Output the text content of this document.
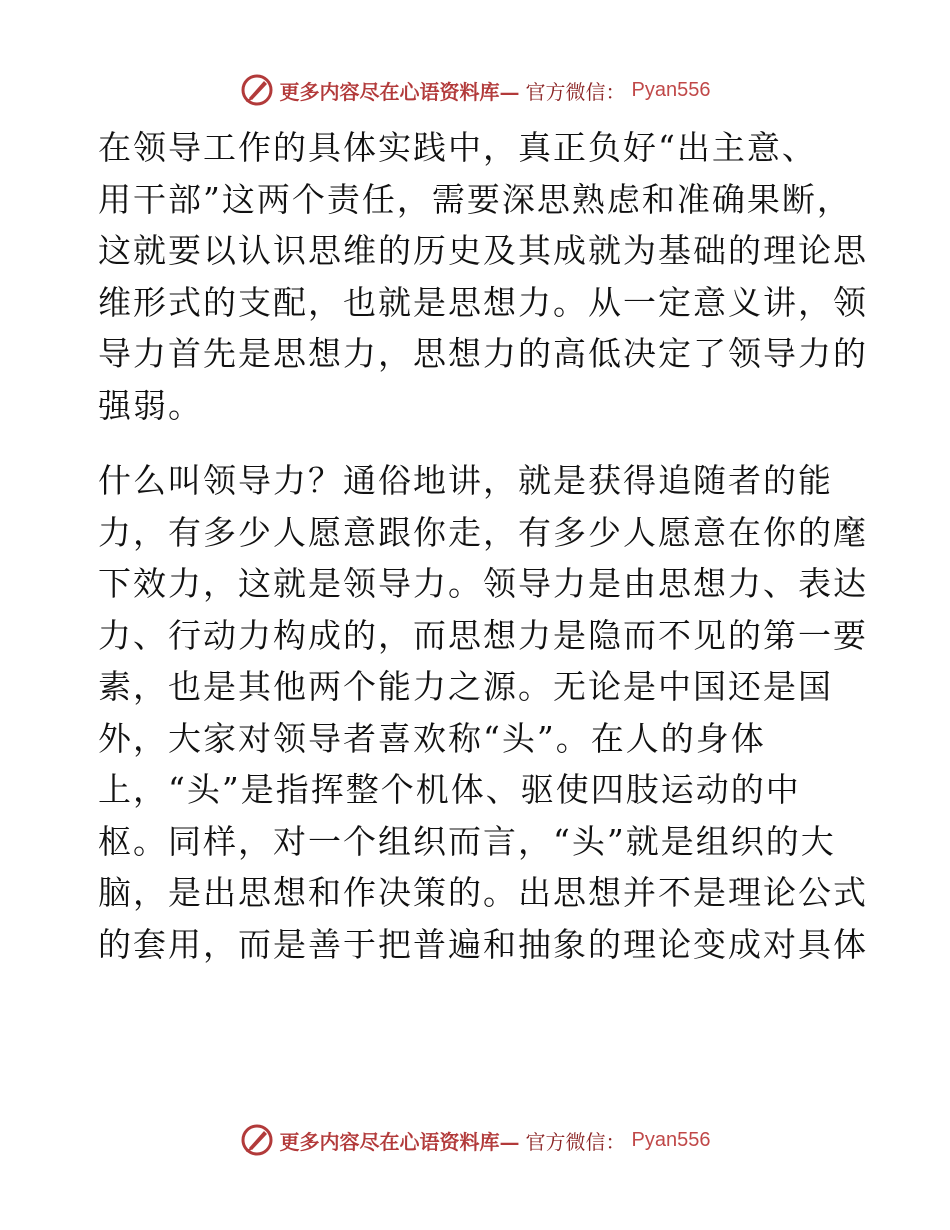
更多内容尽在心语资料库— 官方微信： Pyan556
在领导工作的具体实践中，真正负好“出主意、
用干部”这两个责任，需要深思熟虑和准确果断，
这就要以认识思维的历史及其成就为基础的理论思
维形式的支配，也就是思想力。从一定意义讲，领
导力首先是思想力，思想力的高低决定了领导力的
强弱。
什么叫领导力？通俗地讲，就是获得追随者的能
力，有多少人愿意跟你走，有多少人愿意在你的麾
下效力，这就是领导力。领导力是由思想力、表达
力、行动力构成的，而思想力是隐而不见的第一要
素，也是其他两个能力之源。无论是中国还是国
外，大家对领导者喜欢称“头”。在人的身体
上，“头”是指挥整个机体、驱使四肢运动的中
枢。同样，对一个组织而言，“头”就是组织的大
脑，是出思想和作决策的。出思想并不是理论公式
的套用，而是善于把普遍和抽象的理论变成对具体
更多内容尽在心语资料库— 官方微信： Pyan556
